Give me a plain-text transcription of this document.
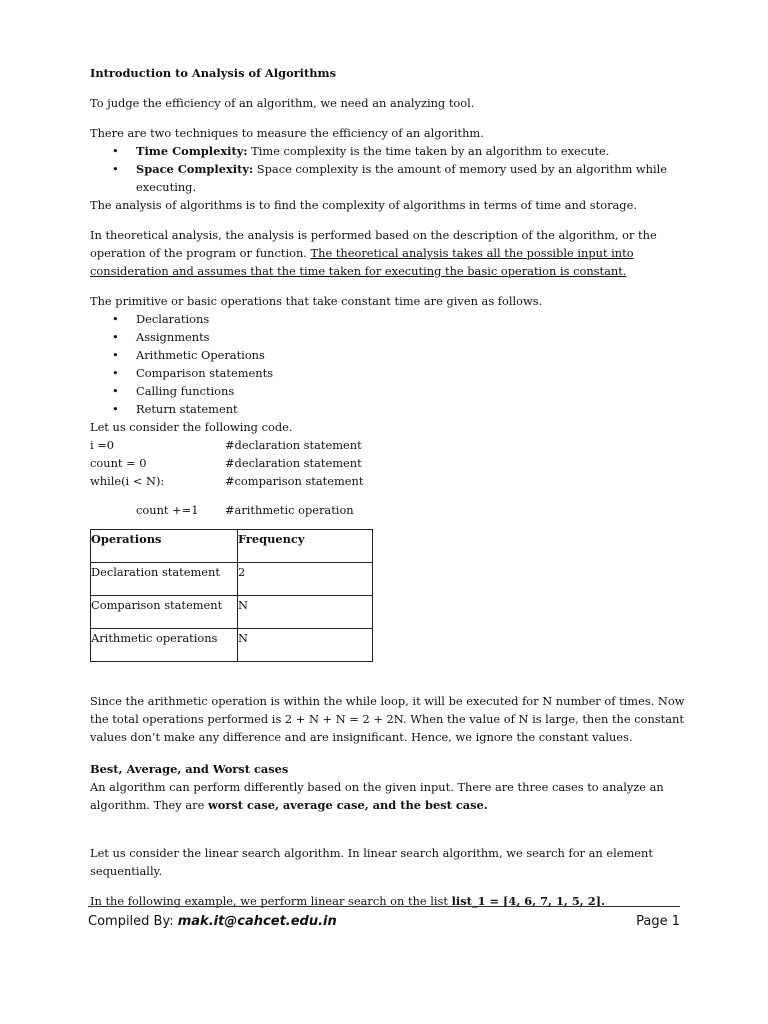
Introduction to Analysis of Algorithms

To judge the efficiency of an algorithm, we need an analyzing tool.

There are two techniques to measure the efficiency of an algorithm.

• Time Complexity: Time complexity is the time taken by an algorithm to execute.
• Space Complexity: Space complexity is the amount of memory used by an algorithm while executing.

The analysis of algorithms is to find the complexity of algorithms in terms of time and storage.

In theoretical analysis, the analysis is performed based on the description of the algorithm, or the operation of the program or function. The theoretical analysis takes all the possible input into consideration and assumes that the time taken for executing the basic operation is constant.

The primitive or basic operations that take constant time are given as follows.

• Declarations
• Assignments
• Arithmetic Operations
• Comparison statements
• Calling functions
• Return statement

Let us consider the following code.

i =0	#declaration statement
count = 0	#declaration statement
while(i < N):	#comparison statement
count +=1	#arithmetic operation
Operations	Frequency
Declaration statement	2
Comparison statement	N
Arithmetic operations	N

Since the arithmetic operation is within the while loop, it will be executed for N number of times. Now the total operations performed is 2 + N + N = 2 + 2N. When the value of N is large, then the constant values don’t make any difference and are insignificant. Hence, we ignore the constant values.

Best, Average, and Worst cases

An algorithm can perform differently based on the given input. There are three cases to analyze an algorithm. They are worst case, average case, and the best case.

Let us consider the linear search algorithm. In linear search algorithm, we search for an element sequentially.

In the following example, we perform linear search on the list list_1 = [4, 6, 7, 1, 5, 2].

Compiled By: mak.it@cahcet.edu.in	Page 1
